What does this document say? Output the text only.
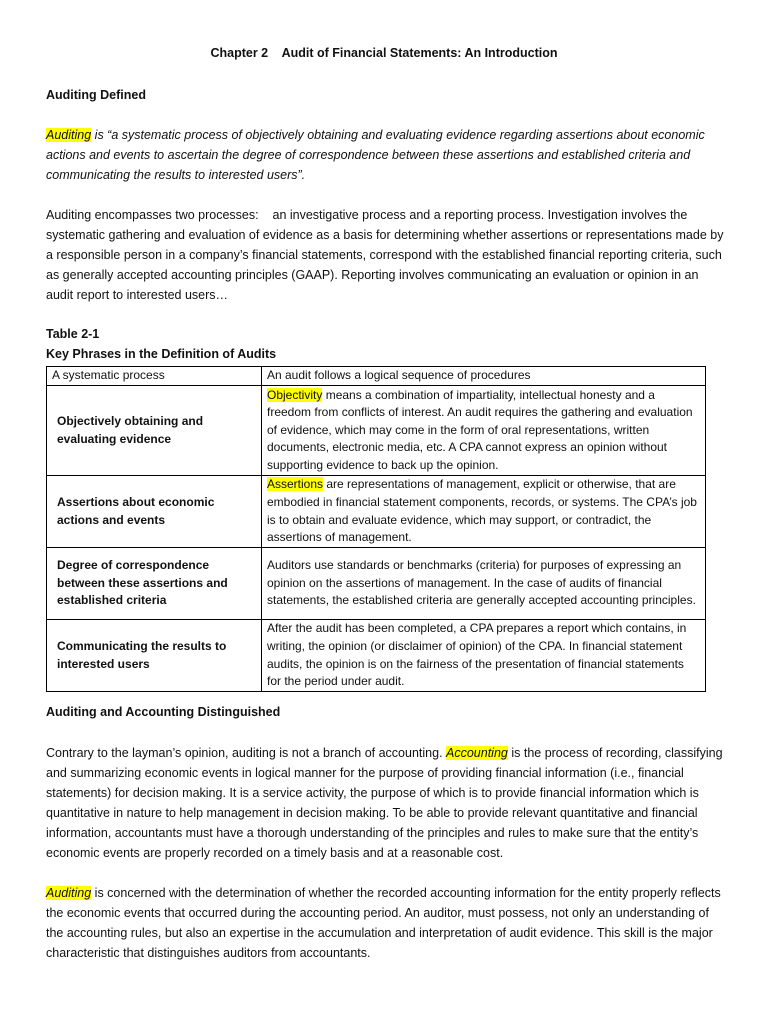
Chapter 2    Audit of Financial Statements: An Introduction
Auditing Defined
Auditing is “a systematic process of objectively obtaining and evaluating evidence regarding assertions about economic actions and events to ascertain the degree of correspondence between these assertions and established criteria and communicating the results to interested users”.
Auditing encompasses two processes:    an investigative process and a reporting process. Investigation involves the systematic gathering and evaluation of evidence as a basis for determining whether assertions or representations made by a responsible person in a company’s financial statements, correspond with the established financial reporting criteria, such as generally accepted accounting principles (GAAP). Reporting involves communicating an evaluation or opinion in an audit report to interested users…
Table 2-1
Key Phrases in the Definition of Audits
A systematic process	An audit follows a logical sequence of procedures
Objectively obtaining and evaluating evidence	Objectivity means a combination of impartiality, intellectual honesty and a freedom from conflicts of interest. An audit requires the gathering and evaluation of evidence, which may come in the form of oral representations, written documents, electronic media, etc. A CPA cannot express an opinion without supporting evidence to back up the opinion.
Assertions about economic actions and events	Assertions are representations of management, explicit or otherwise, that are embodied in financial statement components, records, or systems. The CPA’s job is to obtain and evaluate evidence, which may support, or contradict, the assertions of management.
Degree of correspondence between these assertions and established criteria	Auditors use standards or benchmarks (criteria) for purposes of expressing an opinion on the assertions of management. In the case of audits of financial statements, the established criteria are generally accepted accounting principles.
Communicating the results to interested users	After the audit has been completed, a CPA prepares a report which contains, in writing, the opinion (or disclaimer of opinion) of the CPA. In financial statement audits, the opinion is on the fairness of the presentation of financial statements for the period under audit.
Auditing and Accounting Distinguished
Contrary to the layman’s opinion, auditing is not a branch of accounting. Accounting is the process of recording, classifying and summarizing economic events in logical manner for the purpose of providing financial information (i.e., financial statements) for decision making. It is a service activity, the purpose of which is to provide financial information which is quantitative in nature to help management in decision making. To be able to provide relevant quantitative and financial information, accountants must have a thorough understanding of the principles and rules to make sure that the entity’s economic events are properly recorded on a timely basis and at a reasonable cost.
Auditing is concerned with the determination of whether the recorded accounting information for the entity properly reflects the economic events that occurred during the accounting period. An auditor, must possess, not only an understanding of the accounting rules, but also an expertise in the accumulation and interpretation of audit evidence. This skill is the major characteristic that distinguishes auditors from accountants.
